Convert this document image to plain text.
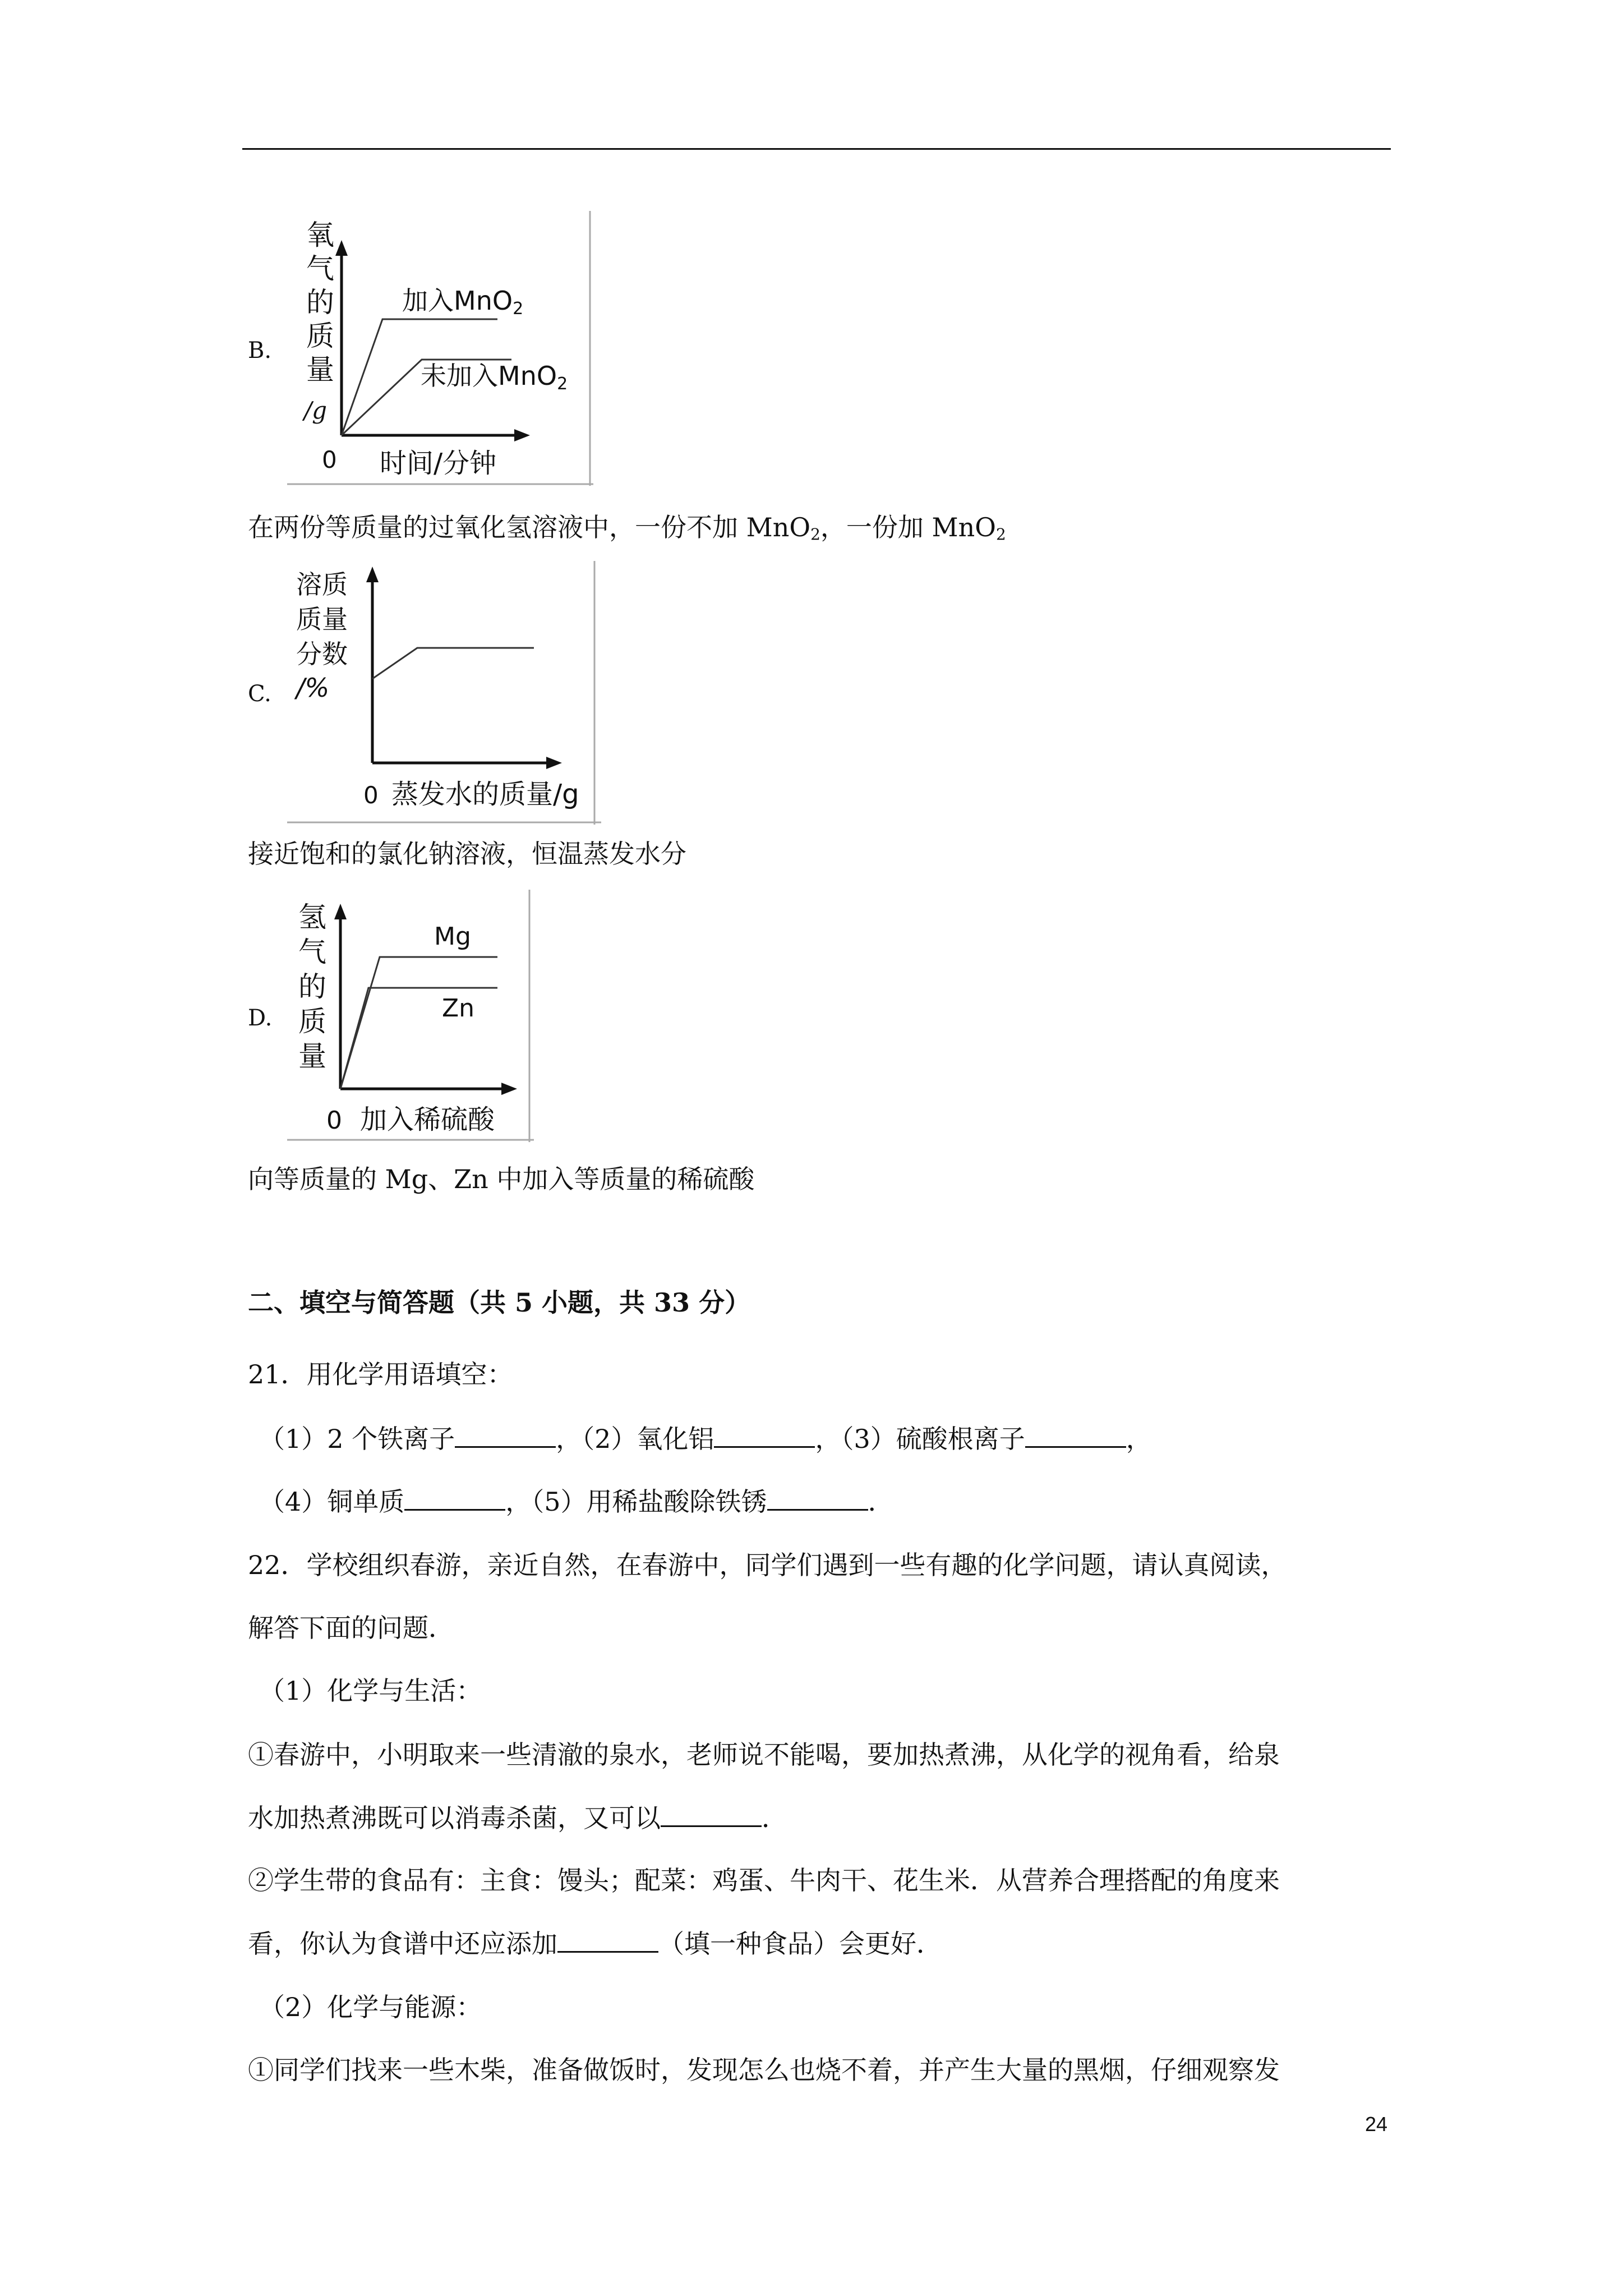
B.
氧
气
的
质
量
/g
0 时间/分钟
加入MnO2
未加入MnO2
在两份等质量的过氧化氢溶液中，一份不加 MnO$_2$，一份加 MnO$_2$
C.
溶质
质量
分数
/%
0 蒸发水的质量/g
接近饱和的氯化钠溶液，恒温蒸发水分
D.
氢
气
的
质
量
0 加入稀硫酸
Mg
Zn
向等质量的 Mg、Zn 中加入等质量的稀硫酸
二、填空与简答题（共 5 小题，共 33 分）
21．用化学用语填空：
（1）2 个铁离子	，（2）氧化铝	，（3）硫酸根离子	，
（4）铜单质	，（5）用稀盐酸除铁锈	．
22．学校组织春游，亲近自然，在春游中，同学们遇到一些有趣的化学问题，请认真阅读，
解答下面的问题．
（1）化学与生活：
①春游中，小明取来一些清澈的泉水，老师说不能喝，要加热煮沸，从化学的视角看，给泉
水加热煮沸既可以消毒杀菌，又可以	．
②学生带的食品有：主食：馒头；配菜：鸡蛋、牛肉干、花生米．从营养合理搭配的角度来
看，你认为食谱中还应添加	（填一种食品）会更好．
（2）化学与能源：
①同学们找来一些木柴，准备做饭时，发现怎么也烧不着，并产生大量的黑烟，仔细观察发
24
